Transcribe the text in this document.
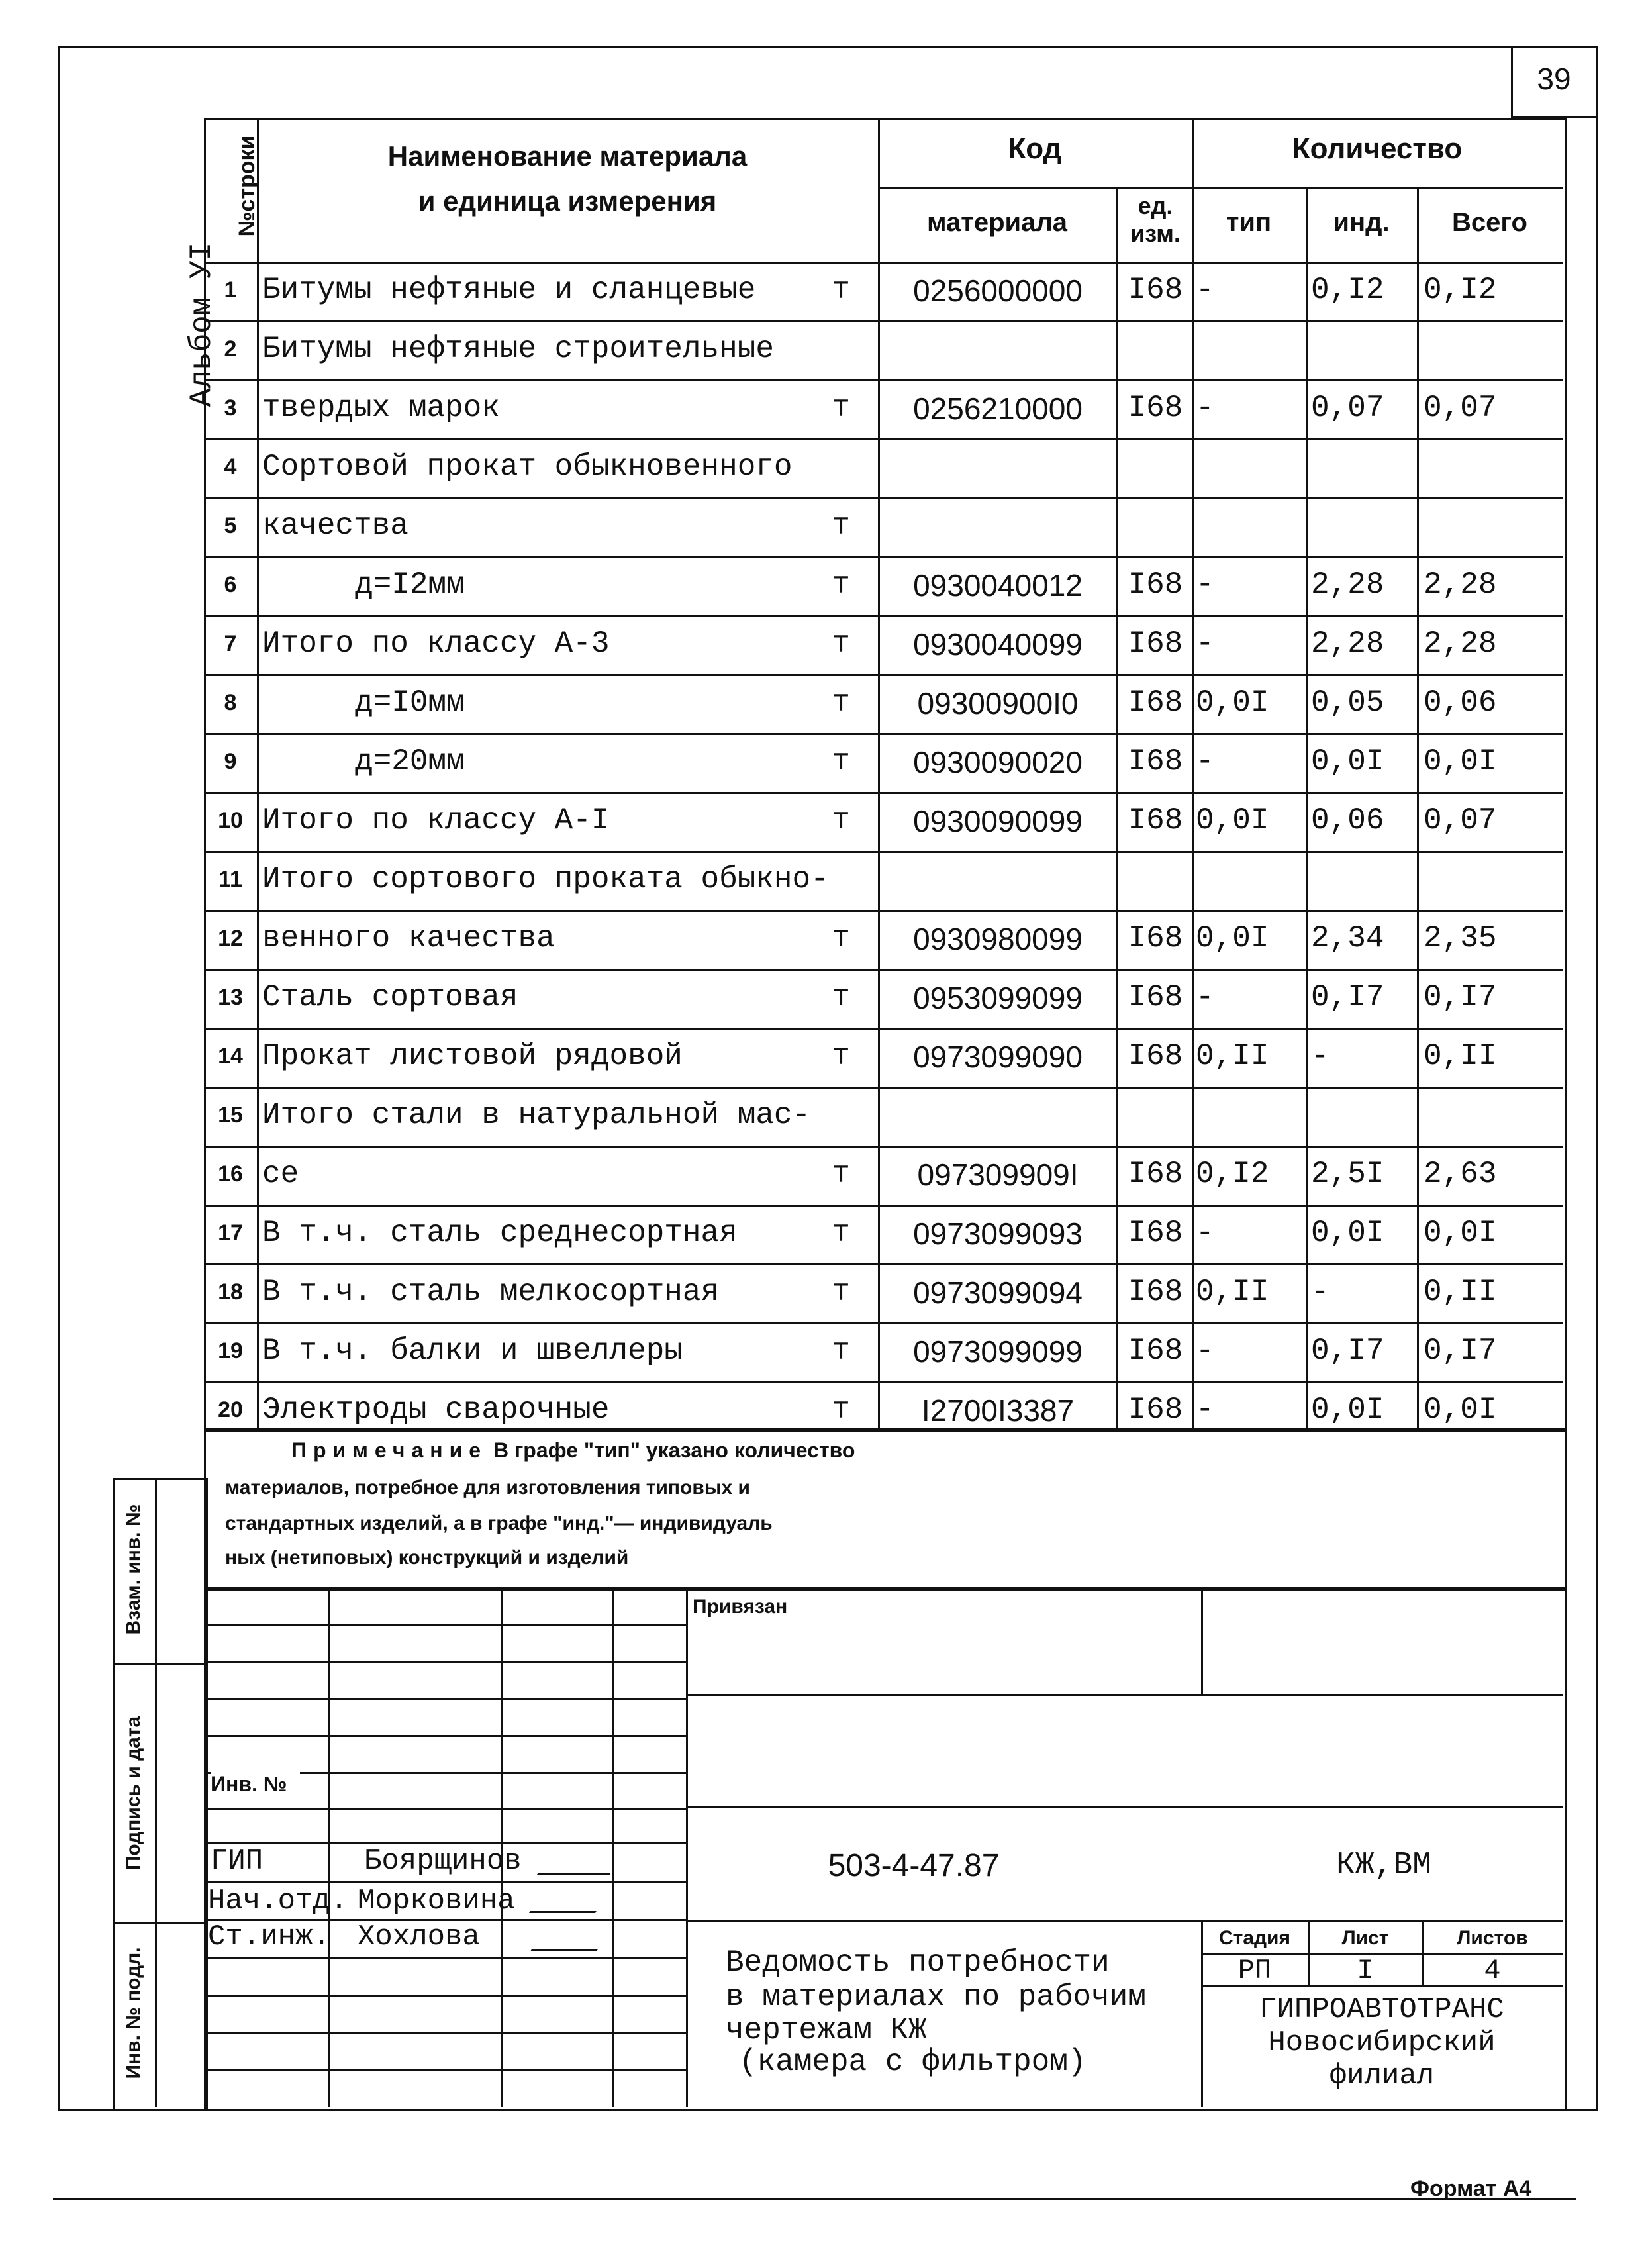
39
Альбом УI
№строки	Наименование материала
и единица измерения
Код
материала
ед. изм.
Количество
тип	инд.	Всего
1 Битумы нефтяные и сланцевые	т	0256000000	I68 -	0,I2	0,I2
2 Битумы нефтяные строительные
3 твердых марок	т	0256210000	I68 -	0,07	0,07
4 Сортовой прокат обыкновенного
5 качества	т
6	д=I2мм	т	0930040012	I68 -	2,28	2,28
7 Итого по классу А-3	т	0930040099	I68 -	2,28	2,28
8	д=I0мм	т	09300900I0	I68 0,0I	0,05	0,06
9	д=20мм	т	0930090020	I68 -	0,0I	0,0I
10 Итого по классу А-I	т	0930090099	I68 0,0I	0,06	0,07
11 Итого сортового проката обыкно-
12 венного качества	т	0930980099	I68 0,0I	2,34	2,35
13 Сталь сортовая	т	0953099099	I68 -	0,I7	0,I7
14 Прокат листовой рядовой	т	0973099090	I68 0,II	-	0,II
15 Итого стали в натуральной мас-
16 се	т	097309909I	I68 0,I2	2,5I	2,63
17 В т.ч. сталь среднесортная	т	0973099093	I68 -	0,0I	0,0I
18 В т.ч. сталь мелкосортная	т	0973099094	I68 0,II	-	0,II
19 В т.ч. балки и швеллеры	т	0973099099	I68 -	0,I7	0,I7
20 Электроды сварочные	т	I2700I3387	I68 -	0,0I	0,0I
Примечание В графе "тип" указано количество
материалов, потребное для изготовления типовых и
стандартных изделий, а в графе "инд."— индивидуаль
ных (нетиповых) конструкций и изделий
Взам. инв. №
Подпись и дата
Инв. № подл.
Привязан
Инв. №
ГИП	Боярщинов
Нач.отд. Морковина
Ст.инж. Хохлова
503-4-47.87	КЖ,ВМ
Ведомость потребности
в материалах по рабочим
чертежам КЖ
(камера с фильтром)
Стадия	Лист	Листов
РП	I	4
ГИПРОАВТОТРАНС
Новосибирский
филиал
Формат А4
